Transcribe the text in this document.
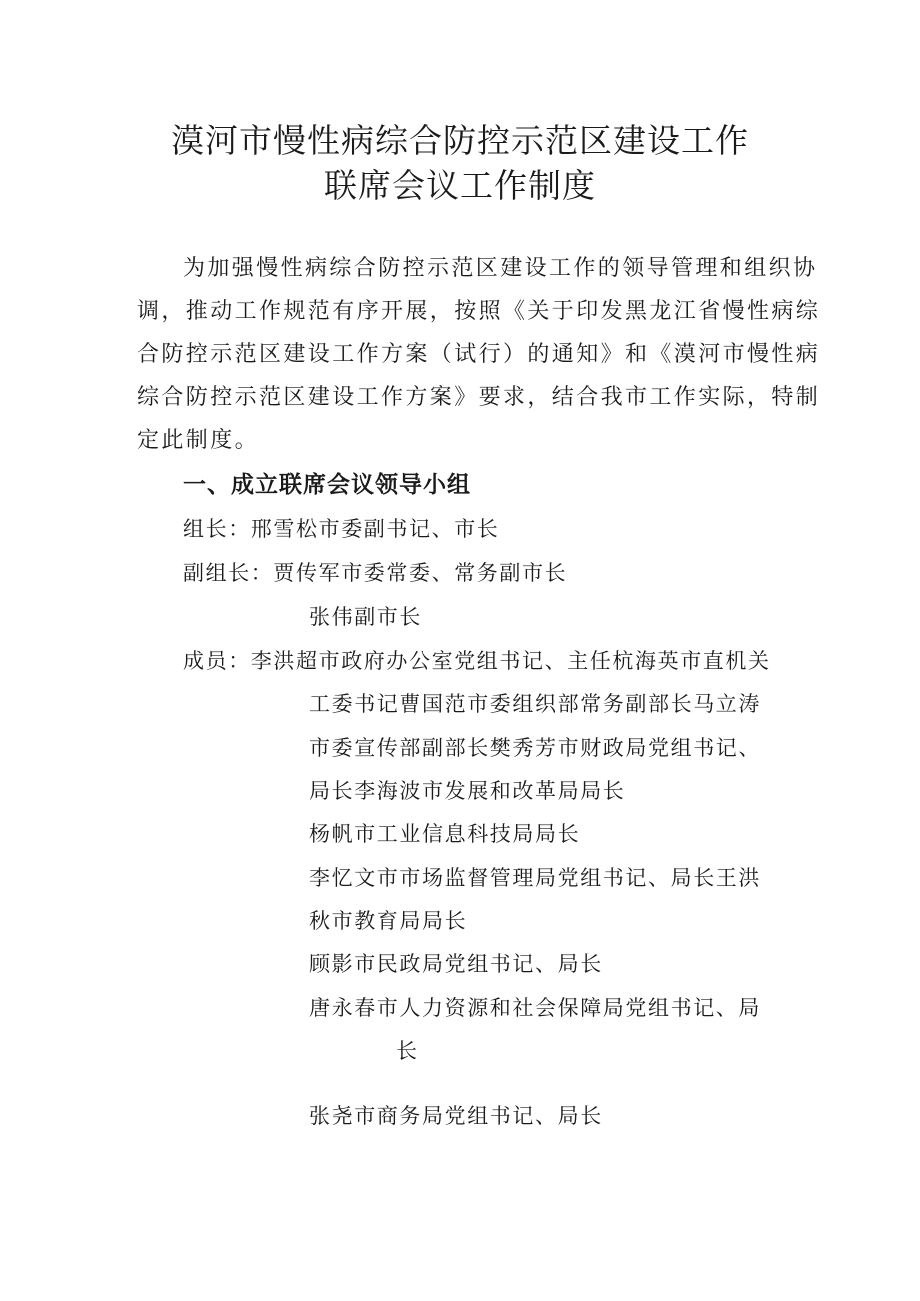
漠河市慢性病综合防控示范区建设工作
联席会议工作制度
为加强慢性病综合防控示范区建设工作的领导管理和组织协
调，推动工作规范有序开展，按照《关于印发黑龙江省慢性病综
合防控示范区建设工作方案（试行）的通知》和《漠河市慢性病
综合防控示范区建设工作方案》要求，结合我市工作实际，特制
定此制度。
一、成立联席会议领导小组
组长：邢雪松市委副书记、市长
副组长：贾传军市委常委、常务副市长
张伟副市长
成员：李洪超市政府办公室党组书记、主任杭海英市直机关
工委书记曹国范市委组织部常务副部长马立涛
市委宣传部副部长樊秀芳市财政局党组书记、
局长李海波市发展和改革局局长
杨帆市工业信息科技局局长
李忆文市市场监督管理局党组书记、局长王洪
秋市教育局局长
顾影市民政局党组书记、局长
唐永春市人力资源和社会保障局党组书记、局
长
张尧市商务局党组书记、局长
